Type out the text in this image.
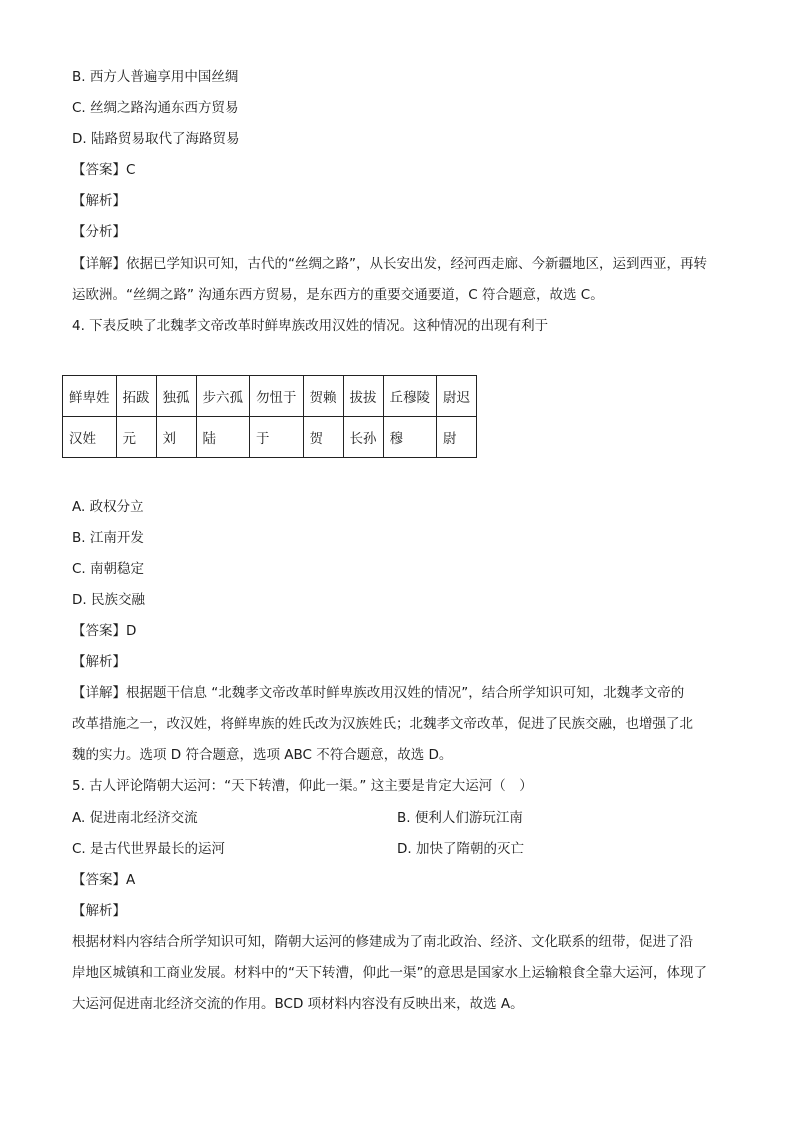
B. 西方人普遍享用中国丝绸
C. 丝绸之路沟通东西方贸易
D. 陆路贸易取代了海路贸易
【答案】C
【解析】
【分析】
【详解】依据已学知识可知，古代的“丝绸之路”，从长安出发，经河西走廊、今新疆地区，运到西亚，再转
运欧洲。“丝绸之路” 沟通东西方贸易，是东西方的重要交通要道，C 符合题意，故选 C。
4. 下表反映了北魏孝文帝改革时鲜卑族改用汉姓的情况。这种情况的出现有利于
鲜卑姓	拓跋	独孤	步六孤	勿忸于	贺赖	拔拔	丘穆陵	尉迟
汉姓	元	刘	陆	于	贺	长孙	穆	尉
A. 政权分立
B. 江南开发
C. 南朝稳定
D. 民族交融
【答案】D
【解析】
【详解】根据题干信息 “北魏孝文帝改革时鲜卑族改用汉姓的情况”，结合所学知识可知，北魏孝文帝的
改革措施之一，改汉姓，将鲜卑族的姓氏改为汉族姓氏；北魏孝文帝改革，促进了民族交融，也增强了北
魏的实力。选项 D 符合题意，选项 ABC 不符合题意，故选 D。
5. 古人评论隋朝大运河：“天下转漕，仰此一渠。” 这主要是肯定大运河（　）
A. 促进南北经济交流	B. 便利人们游玩江南
C. 是古代世界最长的运河	D. 加快了隋朝的灭亡
【答案】A
【解析】
根据材料内容结合所学知识可知，隋朝大运河的修建成为了南北政治、经济、文化联系的纽带，促进了沿
岸地区城镇和工商业发展。材料中的“天下转漕，仰此一渠”的意思是国家水上运输粮食全靠大运河，体现了
大运河促进南北经济交流的作用。BCD 项材料内容没有反映出来，故选 A。
